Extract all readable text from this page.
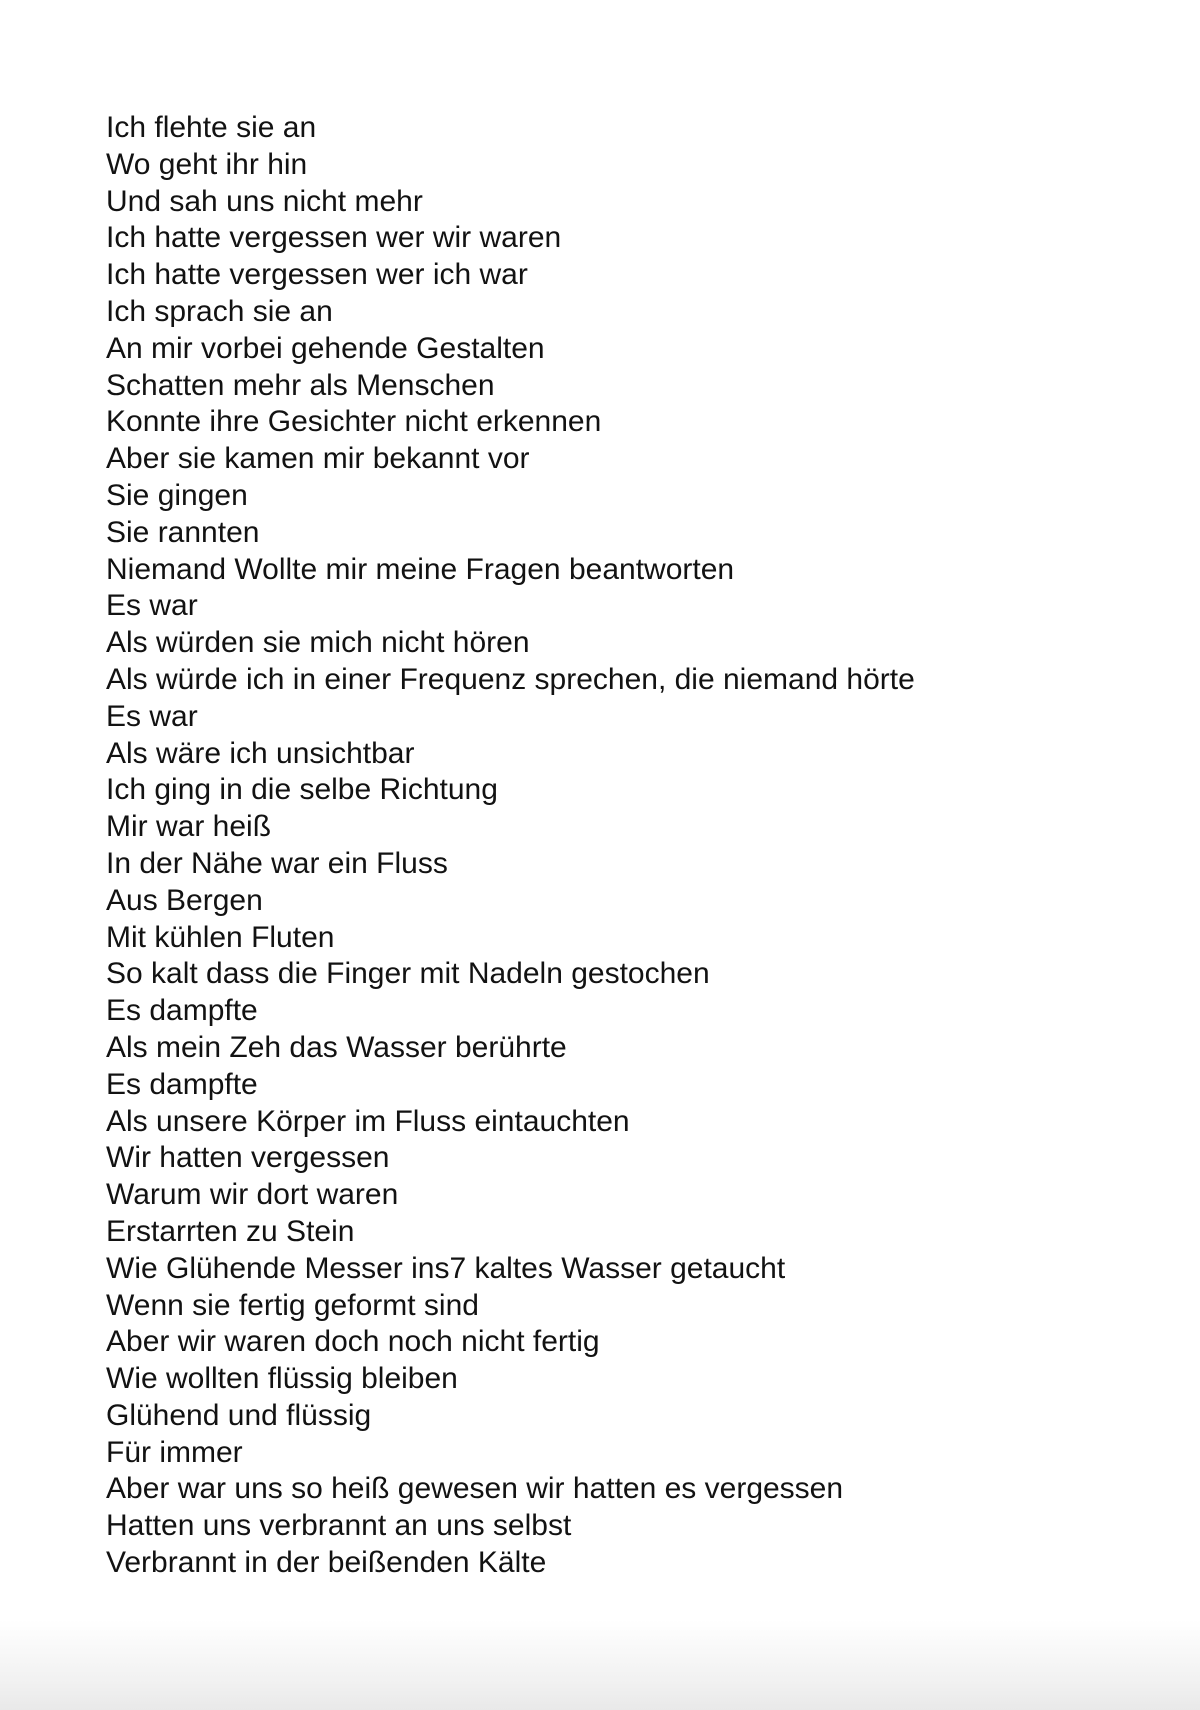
Ich flehte sie an
Wo geht ihr hin
Und sah uns nicht mehr
Ich hatte vergessen wer wir waren
Ich hatte vergessen wer ich war
Ich sprach sie an
An mir vorbei gehende Gestalten
Schatten mehr als Menschen
Konnte ihre Gesichter nicht erkennen
Aber sie kamen mir bekannt vor
Sie gingen
Sie rannten
Niemand Wollte mir meine Fragen beantworten
Es war
Als würden sie mich nicht hören
Als würde ich in einer Frequenz sprechen, die niemand hörte
Es war
Als wäre ich unsichtbar
Ich ging in die selbe Richtung
Mir war heiß
In der Nähe war ein Fluss
Aus Bergen
Mit kühlen Fluten
So kalt dass die Finger mit Nadeln gestochen
Es dampfte
Als mein Zeh das Wasser berührte
Es dampfte
Als unsere Körper im Fluss eintauchten
Wir hatten vergessen
Warum wir dort waren
Erstarrten zu Stein
Wie Glühende Messer ins7 kaltes Wasser getaucht
Wenn sie fertig geformt sind
Aber wir waren doch noch nicht fertig
Wie wollten flüssig bleiben
Glühend und flüssig
Für immer
Aber war uns so heiß gewesen wir hatten es vergessen
Hatten uns verbrannt an uns selbst
Verbrannt in der beißenden Kälte
